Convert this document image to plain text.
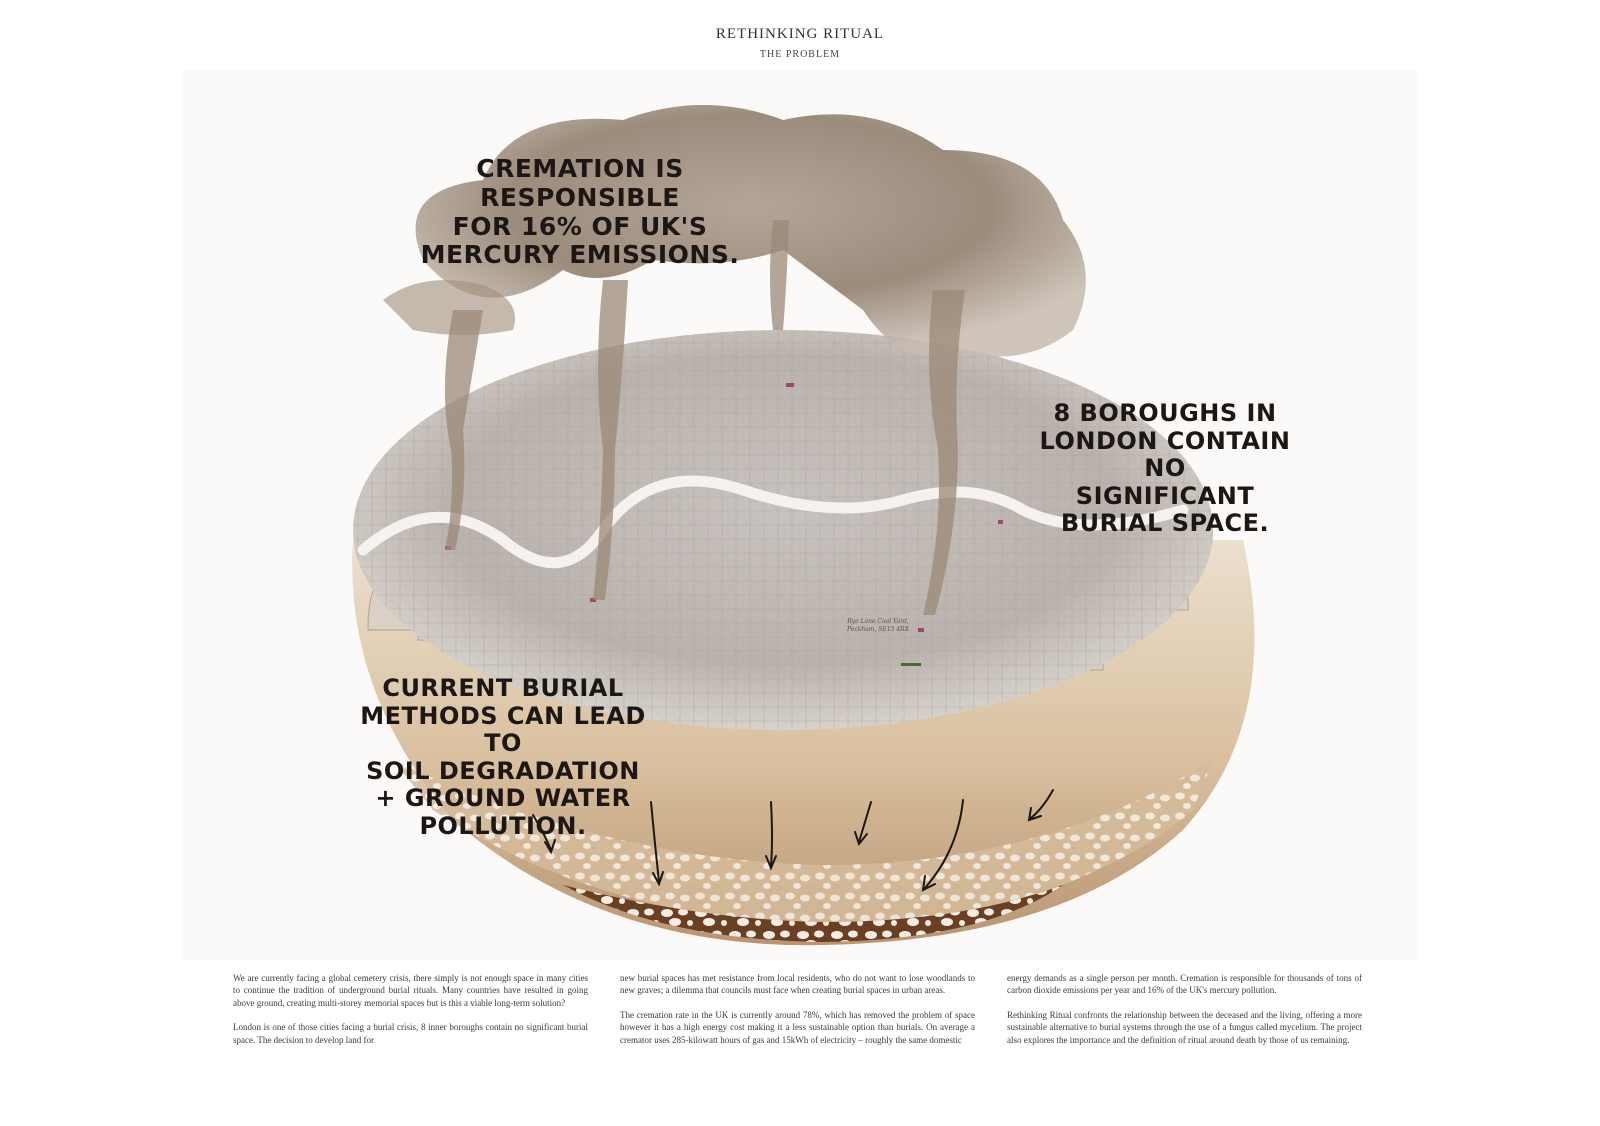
RETHINKING RITUAL
THE PROBLEM
CREMATION IS RESPONSIBLE
FOR 16% OF UK'S
MERCURY EMISSIONS.
8 BOROUGHS IN
LONDON CONTAIN NO
SIGNIFICANT
BURIAL SPACE.
CURRENT BURIAL
METHODS CAN LEAD TO
SOIL DEGRADATION
+ GROUND WATER
POLLUTION.
Rye Lane Coal Yard,
Peckham, SE15 4RX

We are currently facing a global cemetery crisis, there simply is not enough space in many cities to continue the tradition of underground burial rituals. Many countries have resulted in going above ground, creating multi-storey memorial spaces but is this a viable long-term solution?

London is one of those cities facing a burial crisis, 8 inner boroughs contain no significant burial space. The decision to develop land for

new burial spaces has met resistance from local residents, who do not want to lose woodlands to new graves; a dilemma that councils must face when creating burial spaces in urban areas.

The cremation rate in the UK is currently around 78%, which has removed the problem of space however it has a high energy cost making it a less sustainable option than burials. On average a cremator uses 285-kilowatt hours of gas and 15kWh of electricity – roughly the same domestic

energy demands as a single person per month. Cremation is responsible for thousands of tons of carbon dioxide emissions per year and 16% of the UK's mercury pollution.

Rethinking Ritual confronts the relationship between the deceased and the living, offering a more sustainable alternative to burial systems through the use of a fungus called mycelium. The project also explores the importance and the definition of ritual around death by those of us remaining.
